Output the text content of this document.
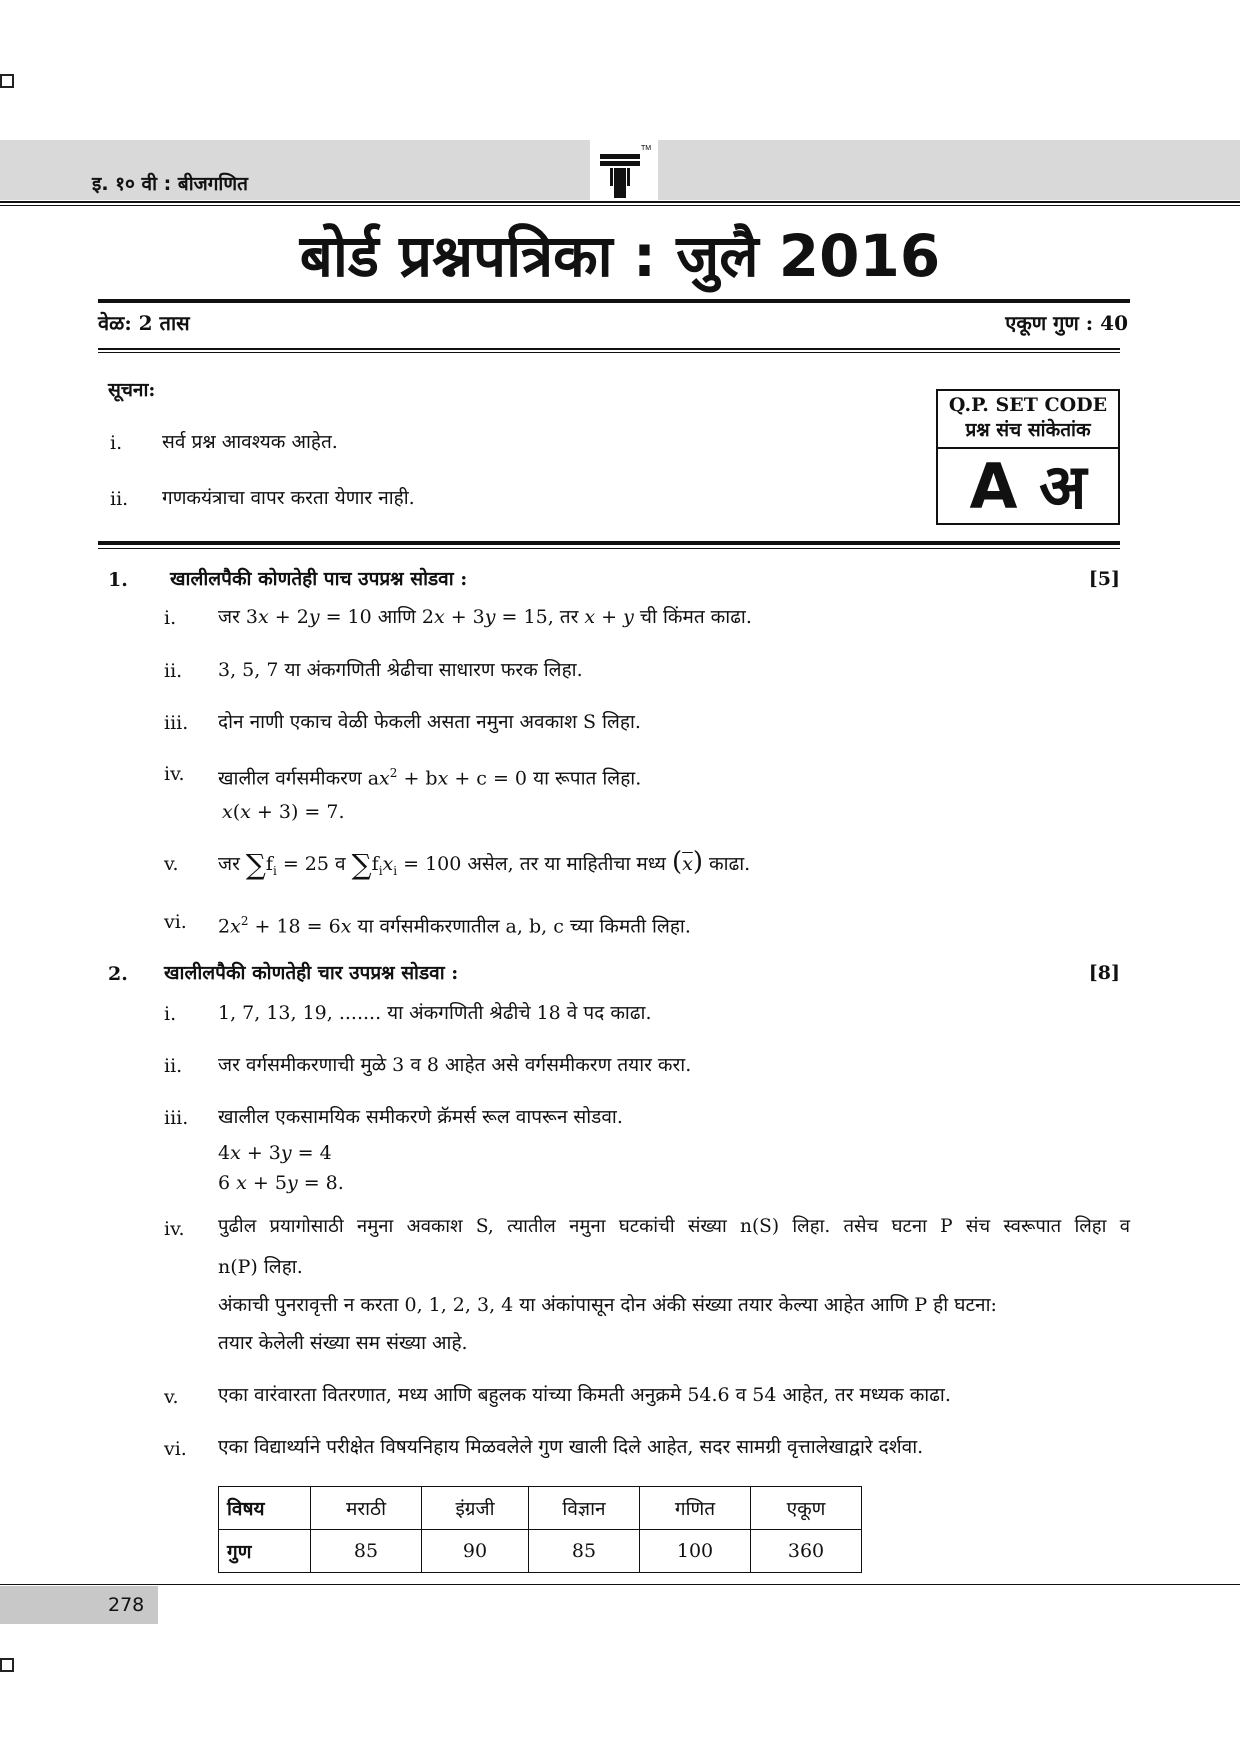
इ. १० वी : बीजगणित
TM
बोर्ड प्रश्नपत्रिका : जुलै 2016
वेळ: 2 तास	एकूण गुण : 40
सूचना:
i. सर्व प्रश्न आवश्यक आहेत.
ii. गणकयंत्राचा वापर करता येणार नाही.
Q.P. SET CODE
प्रश्न संच सांकेतांक
A अ
1. खालीलपैकी कोणतेही पाच उपप्रश्न सोडवा :	[5]
i. जर 3x + 2y = 10 आणि 2x + 3y = 15, तर x + y ची किंमत काढा.
ii. 3, 5, 7 या अंकगणिती श्रेढीचा साधारण फरक लिहा.
iii. दोन नाणी एकाच वेळी फेकली असता नमुना अवकाश S लिहा.
iv. खालील वर्गसमीकरण $ax^2$ + bx + c = 0 या रूपात लिहा.
x(x + 3) = 7.
v. जर $\sum f_i = 25$ व $\sum f_ix_i = 100$ असेल, तर या माहितीचा मध्य $(\overline{x})$ काढा.
vi. $2x^2 + 18 = 6x$ या वर्गसमीकरणातील a, b, c च्या किमती लिहा.
2. खालीलपैकी कोणतेही चार उपप्रश्न सोडवा :	[8]
i. 1, 7, 13, 19, ....... या अंकगणिती श्रेढीचे 18 वे पद काढा.
ii. जर वर्गसमीकरणाची मुळे 3 व 8 आहेत असे वर्गसमीकरण तयार करा.
iii. खालील एकसामयिक समीकरणे क्रॅमर्स रूल वापरून सोडवा.
4x + 3y = 4
6 x + 5y = 8.
iv. पुढील प्रयागोसाठी नमुना अवकाश S, त्यातील नमुना घटकांची संख्या n(S) लिहा. तसेच घटना P संच स्वरूपात लिहा व
n(P) लिहा.
अंकाची पुनरावृत्ती न करता 0, 1, 2, 3, 4 या अंकांपासून दोन अंकी संख्या तयार केल्या आहेत आणि P ही घटना:
तयार केलेली संख्या सम संख्या आहे.
v. एका वारंवारता वितरणात, मध्य आणि बहुलक यांच्या किमती अनुक्रमे 54.6 व 54 आहेत, तर मध्यक काढा.
vi. एका विद्यार्थ्याने परीक्षेत विषयनिहाय मिळवलेले गुण खाली दिले आहेत, सदर सामग्री वृत्तालेखाद्वारे दर्शवा.
विषय	मराठी	इंग्रजी	विज्ञान	गणित	एकूण
गुण	85	90	85	100	360
278
